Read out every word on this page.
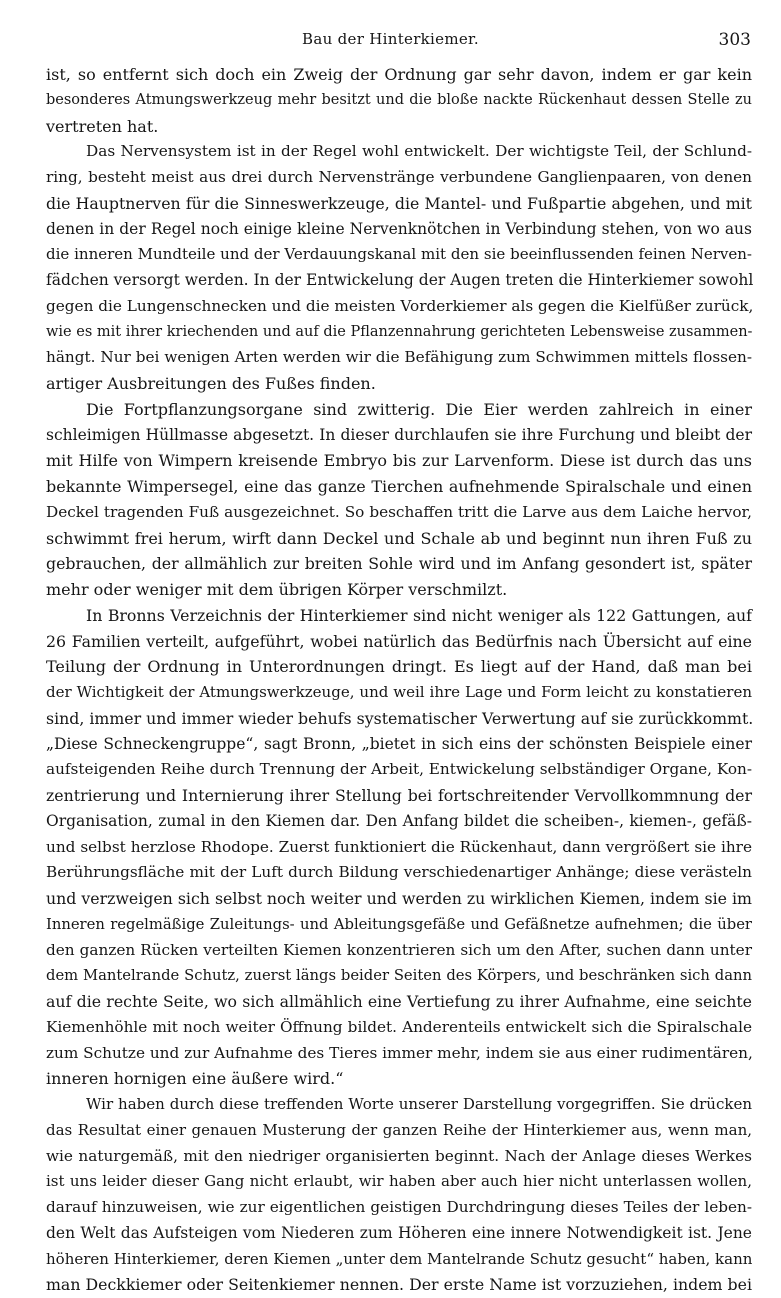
Bau der Hinterkiemer.	303
ist, so entfernt sich doch ein Zweig der Ordnung gar sehr davon, indem er gar kein
besonderes Atmungswerkzeug mehr besitzt und die bloße nackte Rückenhaut dessen Stelle zu
vertreten hat.
Das Nervensystem ist in der Regel wohl entwickelt. Der wichtigste Teil, der Schlund-
ring, besteht meist aus drei durch Nervenstränge verbundene Ganglienpaaren, von denen
die Hauptnerven für die Sinneswerkzeuge, die Mantel- und Fußpartie abgehen, und mit
denen in der Regel noch einige kleine Nervenknötchen in Verbindung stehen, von wo aus
die inneren Mundteile und der Verdauungskanal mit den sie beeinflussenden feinen Nerven-
fädchen versorgt werden. In der Entwickelung der Augen treten die Hinterkiemer sowohl
gegen die Lungenschnecken und die meisten Vorderkiemer als gegen die Kielfüßer zurück,
wie es mit ihrer kriechenden und auf die Pflanzennahrung gerichteten Lebensweise zusammen-
hängt. Nur bei wenigen Arten werden wir die Befähigung zum Schwimmen mittels flossen-
artiger Ausbreitungen des Fußes finden.
Die Fortpflanzungsorgane sind zwitterig. Die Eier werden zahlreich in einer
schleimigen Hüllmasse abgesetzt. In dieser durchlaufen sie ihre Furchung und bleibt der
mit Hilfe von Wimpern kreisende Embryo bis zur Larvenform. Diese ist durch das uns
bekannte Wimpersegel, eine das ganze Tierchen aufnehmende Spiralschale und einen
Deckel tragenden Fuß ausgezeichnet. So beschaffen tritt die Larve aus dem Laiche hervor,
schwimmt frei herum, wirft dann Deckel und Schale ab und beginnt nun ihren Fuß zu
gebrauchen, der allmählich zur breiten Sohle wird und im Anfang gesondert ist, später
mehr oder weniger mit dem übrigen Körper verschmilzt.
In Bronns Verzeichnis der Hinterkiemer sind nicht weniger als 122 Gattungen, auf
26 Familien verteilt, aufgeführt, wobei natürlich das Bedürfnis nach Übersicht auf eine
Teilung der Ordnung in Unterordnungen dringt. Es liegt auf der Hand, daß man bei
der Wichtigkeit der Atmungswerkzeuge, und weil ihre Lage und Form leicht zu konstatieren
sind, immer und immer wieder behufs systematischer Verwertung auf sie zurückkommt.
„Diese Schneckengruppe“, sagt Bronn, „bietet in sich eins der schönsten Beispiele einer
aufsteigenden Reihe durch Trennung der Arbeit, Entwickelung selbständiger Organe, Kon-
zentrierung und Internierung ihrer Stellung bei fortschreitender Vervollkommnung der
Organisation, zumal in den Kiemen dar. Den Anfang bildet die scheiben-, kiemen-, gefäß-
und selbst herzlose Rhodope. Zuerst funktioniert die Rückenhaut, dann vergrößert sie ihre
Berührungsfläche mit der Luft durch Bildung verschiedenartiger Anhänge; diese verästeln
und verzweigen sich selbst noch weiter und werden zu wirklichen Kiemen, indem sie im
Inneren regelmäßige Zuleitungs- und Ableitungsgefäße und Gefäßnetze aufnehmen; die über
den ganzen Rücken verteilten Kiemen konzentrieren sich um den After, suchen dann unter
dem Mantelrande Schutz, zuerst längs beider Seiten des Körpers, und beschränken sich dann
auf die rechte Seite, wo sich allmählich eine Vertiefung zu ihrer Aufnahme, eine seichte
Kiemenhöhle mit noch weiter Öffnung bildet. Anderenteils entwickelt sich die Spiralschale
zum Schutze und zur Aufnahme des Tieres immer mehr, indem sie aus einer rudimentären,
inneren hornigen eine äußere wird.“
Wir haben durch diese treffenden Worte unserer Darstellung vorgegriffen. Sie drücken
das Resultat einer genauen Musterung der ganzen Reihe der Hinterkiemer aus, wenn man,
wie naturgemäß, mit den niedriger organisierten beginnt. Nach der Anlage dieses Werkes
ist uns leider dieser Gang nicht erlaubt, wir haben aber auch hier nicht unterlassen wollen,
darauf hinzuweisen, wie zur eigentlichen geistigen Durchdringung dieses Teiles der leben-
den Welt das Aufsteigen vom Niederen zum Höheren eine innere Notwendigkeit ist. Jene
höheren Hinterkiemer, deren Kiemen „unter dem Mantelrande Schutz gesucht“ haben, kann
man Deckkiemer oder Seitenkiemer nennen. Der erste Name ist vorzuziehen, indem bei
